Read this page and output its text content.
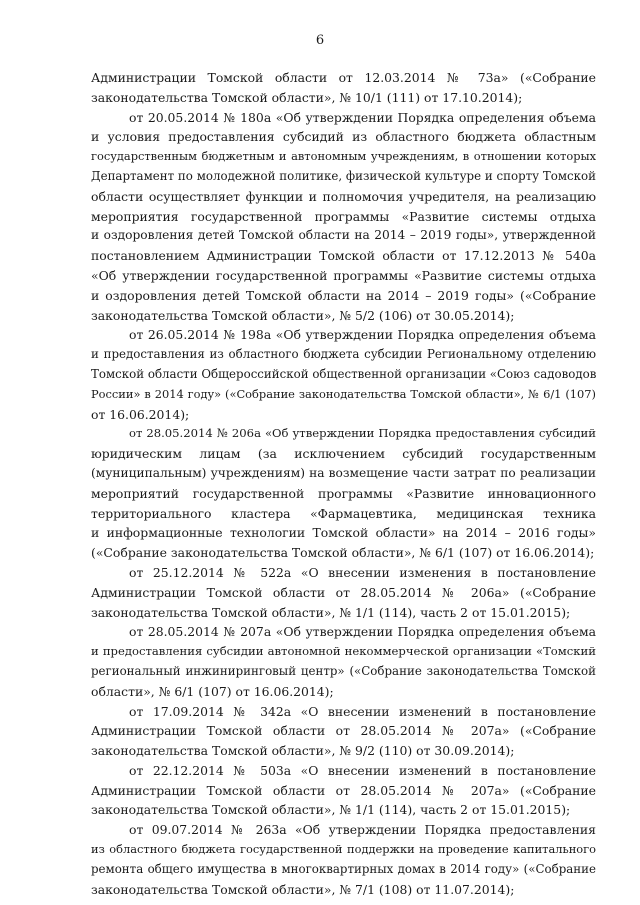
6
Администрации Томской области от 12.03.2014 № 73а» («Собрание
законодательства Томской области», № 10/1 (111) от 17.10.2014);
от 20.05.2014 № 180а «Об утверждении Порядка определения объема
и условия предоставления субсидий из областного бюджета областным
государственным бюджетным и автономным учреждениям, в отношении которых
Департамент по молодежной политике, физической культуре и спорту Томской
области осуществляет функции и полномочия учредителя, на реализацию
мероприятия государственной программы «Развитие системы отдыха
и оздоровления детей Томской области на 2014 – 2019 годы», утвержденной
постановлением Администрации Томской области от 17.12.2013 № 540а
«Об утверждении государственной программы «Развитие системы отдыха
и оздоровления детей Томской области на 2014 – 2019 годы» («Собрание
законодательства Томской области», № 5/2 (106) от 30.05.2014);
от 26.05.2014 № 198а «Об утверждении Порядка определения объема
и предоставления из областного бюджета субсидии Региональному отделению
Томской области Общероссийской общественной организации «Союз садоводов
России» в 2014 году» («Собрание законодательства Томской области», № 6/1 (107)
от 16.06.2014);
от 28.05.2014 № 206а «Об утверждении Порядка предоставления субсидий
юридическим лицам (за исключением субсидий государственным
(муниципальным) учреждениям) на возмещение части затрат по реализации
мероприятий государственной программы «Развитие инновационного
территориального кластера «Фармацевтика, медицинская техника
и информационные технологии Томской области» на 2014 – 2016 годы»
(«Собрание законодательства Томской области», № 6/1 (107) от 16.06.2014);
от 25.12.2014 № 522а «О внесении изменения в постановление
Администрации Томской области от 28.05.2014 № 206а» («Собрание
законодательства Томской области», № 1/1 (114), часть 2 от 15.01.2015);
от 28.05.2014 № 207а «Об утверждении Порядка определения объема
и предоставления субсидии автономной некоммерческой организации «Томский
региональный инжиниринговый центр» («Собрание законодательства Томской
области», № 6/1 (107) от 16.06.2014);
от 17.09.2014 № 342а «О внесении изменений в постановление
Администрации Томской области от 28.05.2014 № 207а» («Собрание
законодательства Томской области», № 9/2 (110) от 30.09.2014);
от 22.12.2014 № 503а «О внесении изменений в постановление
Администрации Томской области от 28.05.2014 № 207а» («Собрание
законодательства Томской области», № 1/1 (114), часть 2 от 15.01.2015);
от 09.07.2014 № 263а «Об утверждении Порядка предоставления
из областного бюджета государственной поддержки на проведение капитального
ремонта общего имущества в многоквартирных домах в 2014 году» («Собрание
законодательства Томской области», № 7/1 (108) от 11.07.2014);
